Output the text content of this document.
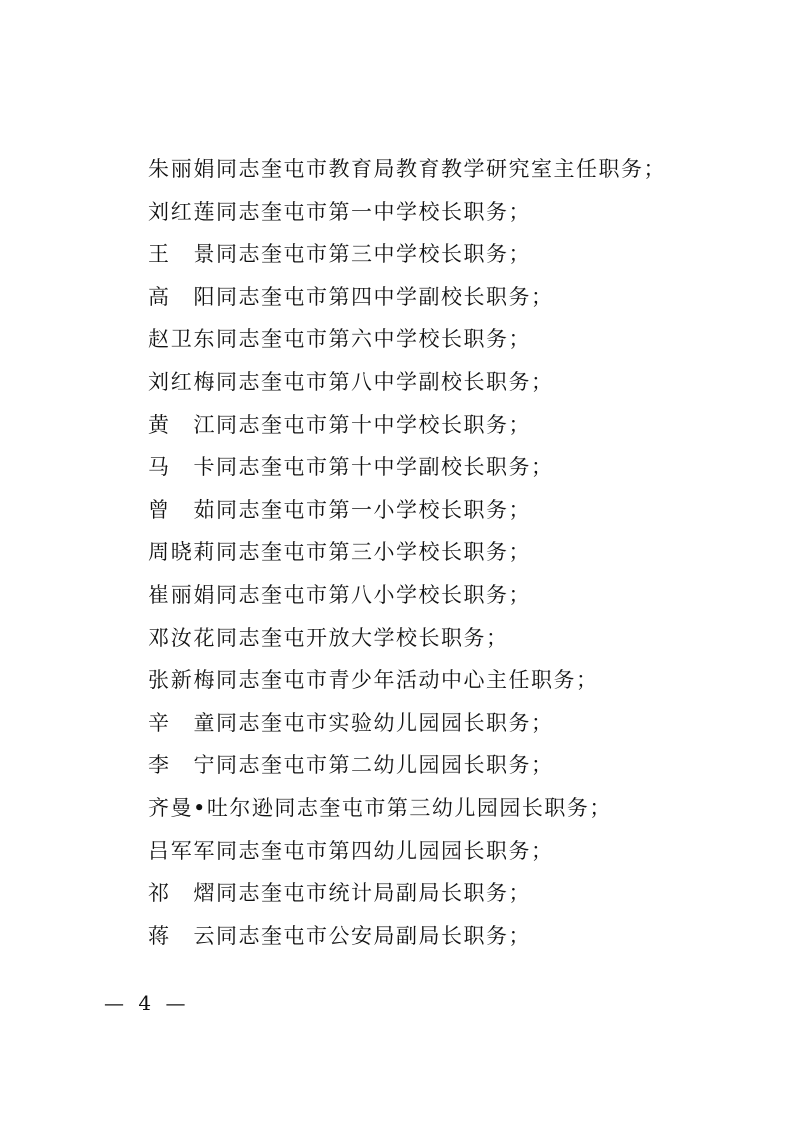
朱丽娟同志奎屯市教育局教育教学研究室主任职务；
刘红莲同志奎屯市第一中学校长职务；
王　景同志奎屯市第三中学校长职务；
高　阳同志奎屯市第四中学副校长职务；
赵卫东同志奎屯市第六中学校长职务；
刘红梅同志奎屯市第八中学副校长职务；
黄　江同志奎屯市第十中学校长职务；
马　卡同志奎屯市第十中学副校长职务；
曾　茹同志奎屯市第一小学校长职务；
周晓莉同志奎屯市第三小学校长职务；
崔丽娟同志奎屯市第八小学校长职务；
邓汝花同志奎屯开放大学校长职务；
张新梅同志奎屯市青少年活动中心主任职务；
辛　童同志奎屯市实验幼儿园园长职务；
李　宁同志奎屯市第二幼儿园园长职务；
齐曼•吐尔逊同志奎屯市第三幼儿园园长职务；
吕军军同志奎屯市第四幼儿园园长职务；
祁　熠同志奎屯市统计局副局长职务；
蒋　云同志奎屯市公安局副局长职务；
— 4 —
